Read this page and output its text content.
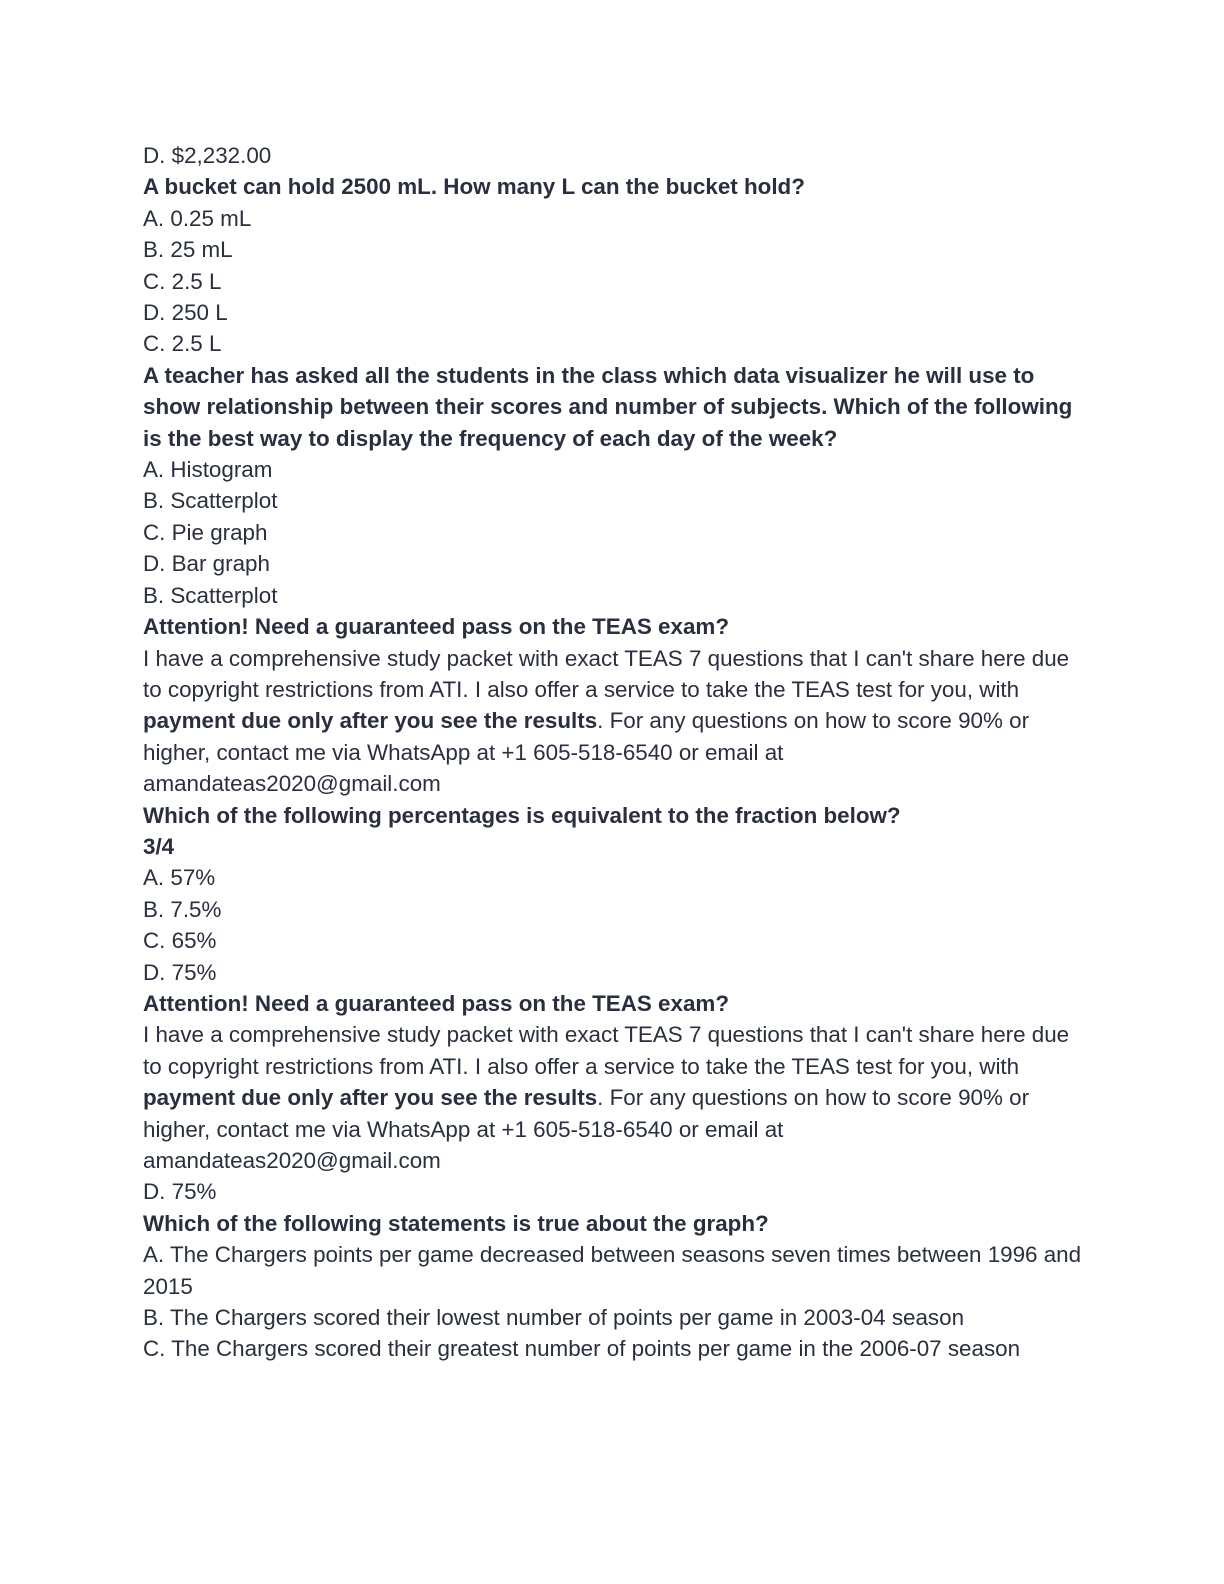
D. $2,232.00
A bucket can hold 2500 mL. How many L can the bucket hold?
A. 0.25 mL
B. 25 mL
C. 2.5 L
D. 250 L
C. 2.5 L
A teacher has asked all the students in the class which data visualizer he will use to show relationship between their scores and number of subjects. Which of the following is the best way to display the frequency of each day of the week?
A. Histogram
B. Scatterplot
C. Pie graph
D. Bar graph
B. Scatterplot
Attention! Need a guaranteed pass on the TEAS exam?
I have a comprehensive study packet with exact TEAS 7 questions that I can't share here due to copyright restrictions from ATI. I also offer a service to take the TEAS test for you, with payment due only after you see the results. For any questions on how to score 90% or higher, contact me via WhatsApp at +1 605-518-6540 or email at amandateas2020@gmail.com
Which of the following percentages is equivalent to the fraction below?
3/4
A. 57%
B. 7.5%
C. 65%
D. 75%
Attention! Need a guaranteed pass on the TEAS exam?
I have a comprehensive study packet with exact TEAS 7 questions that I can't share here due to copyright restrictions from ATI. I also offer a service to take the TEAS test for you, with payment due only after you see the results. For any questions on how to score 90% or higher, contact me via WhatsApp at +1 605-518-6540 or email at amandateas2020@gmail.com
D. 75%
Which of the following statements is true about the graph?
A. The Chargers points per game decreased between seasons seven times between 1996 and 2015
B. The Chargers scored their lowest number of points per game in 2003-04 season
C. The Chargers scored their greatest number of points per game in the 2006-07 season
